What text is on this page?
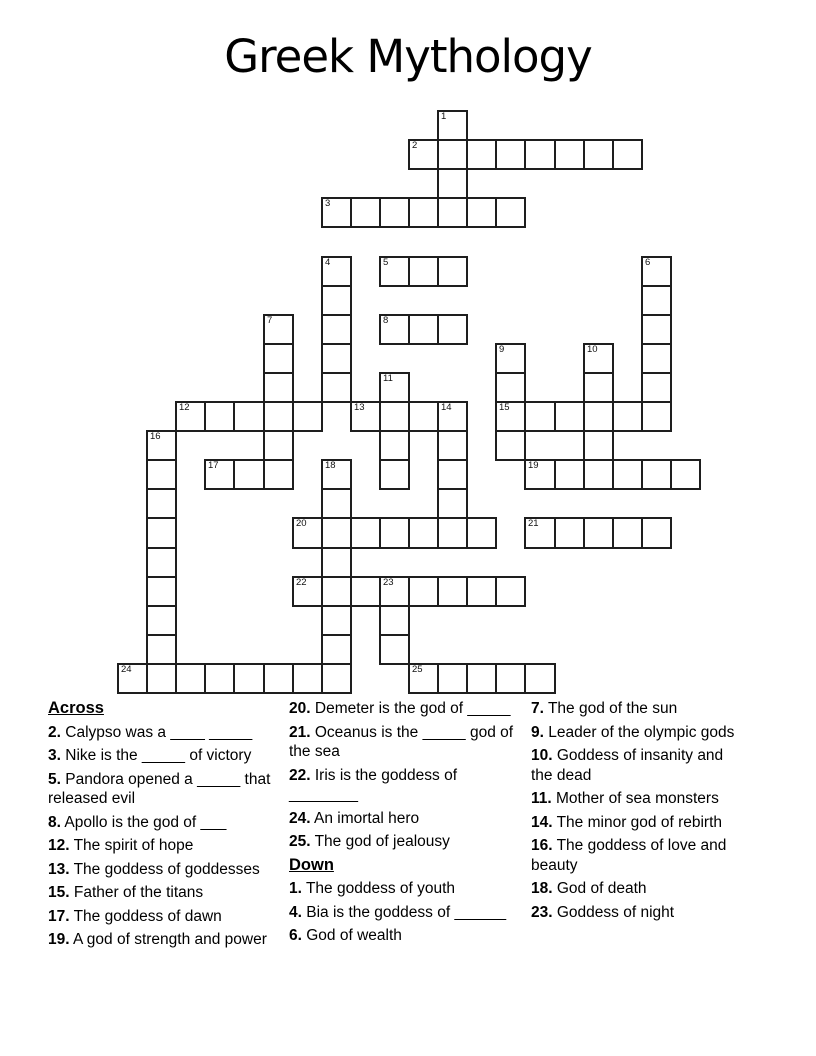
Greek Mythology
1
2
3
4	5	6
7	8
9	10
11
12	13	14	15
16
17	18	19
20	21
22	23
24	25

Across

2. Calypso was a ____ _____

3. Nike is the _____ of victory

5. Pandora opened a _____ that released evil

8. Apollo is the god of ___

12. The spirit of hope

13. The goddess of goddesses

15. Father of the titans

17. The goddess of dawn

19. A god of strength and power

20. Demeter is the god of _____

21. Oceanus is the _____ god of the sea

22. Iris is the goddess of ________

24. An imortal hero

25. The god of jealousy

Down

1. The goddess of youth

4. Bia is the goddess of ______

6. God of wealth

7. The god of the sun

9. Leader of the olympic gods

10. Goddess of insanity and the dead

11. Mother of sea monsters

14. The minor god of rebirth

16. The goddess of love and beauty

18. God of death

23. Goddess of night
